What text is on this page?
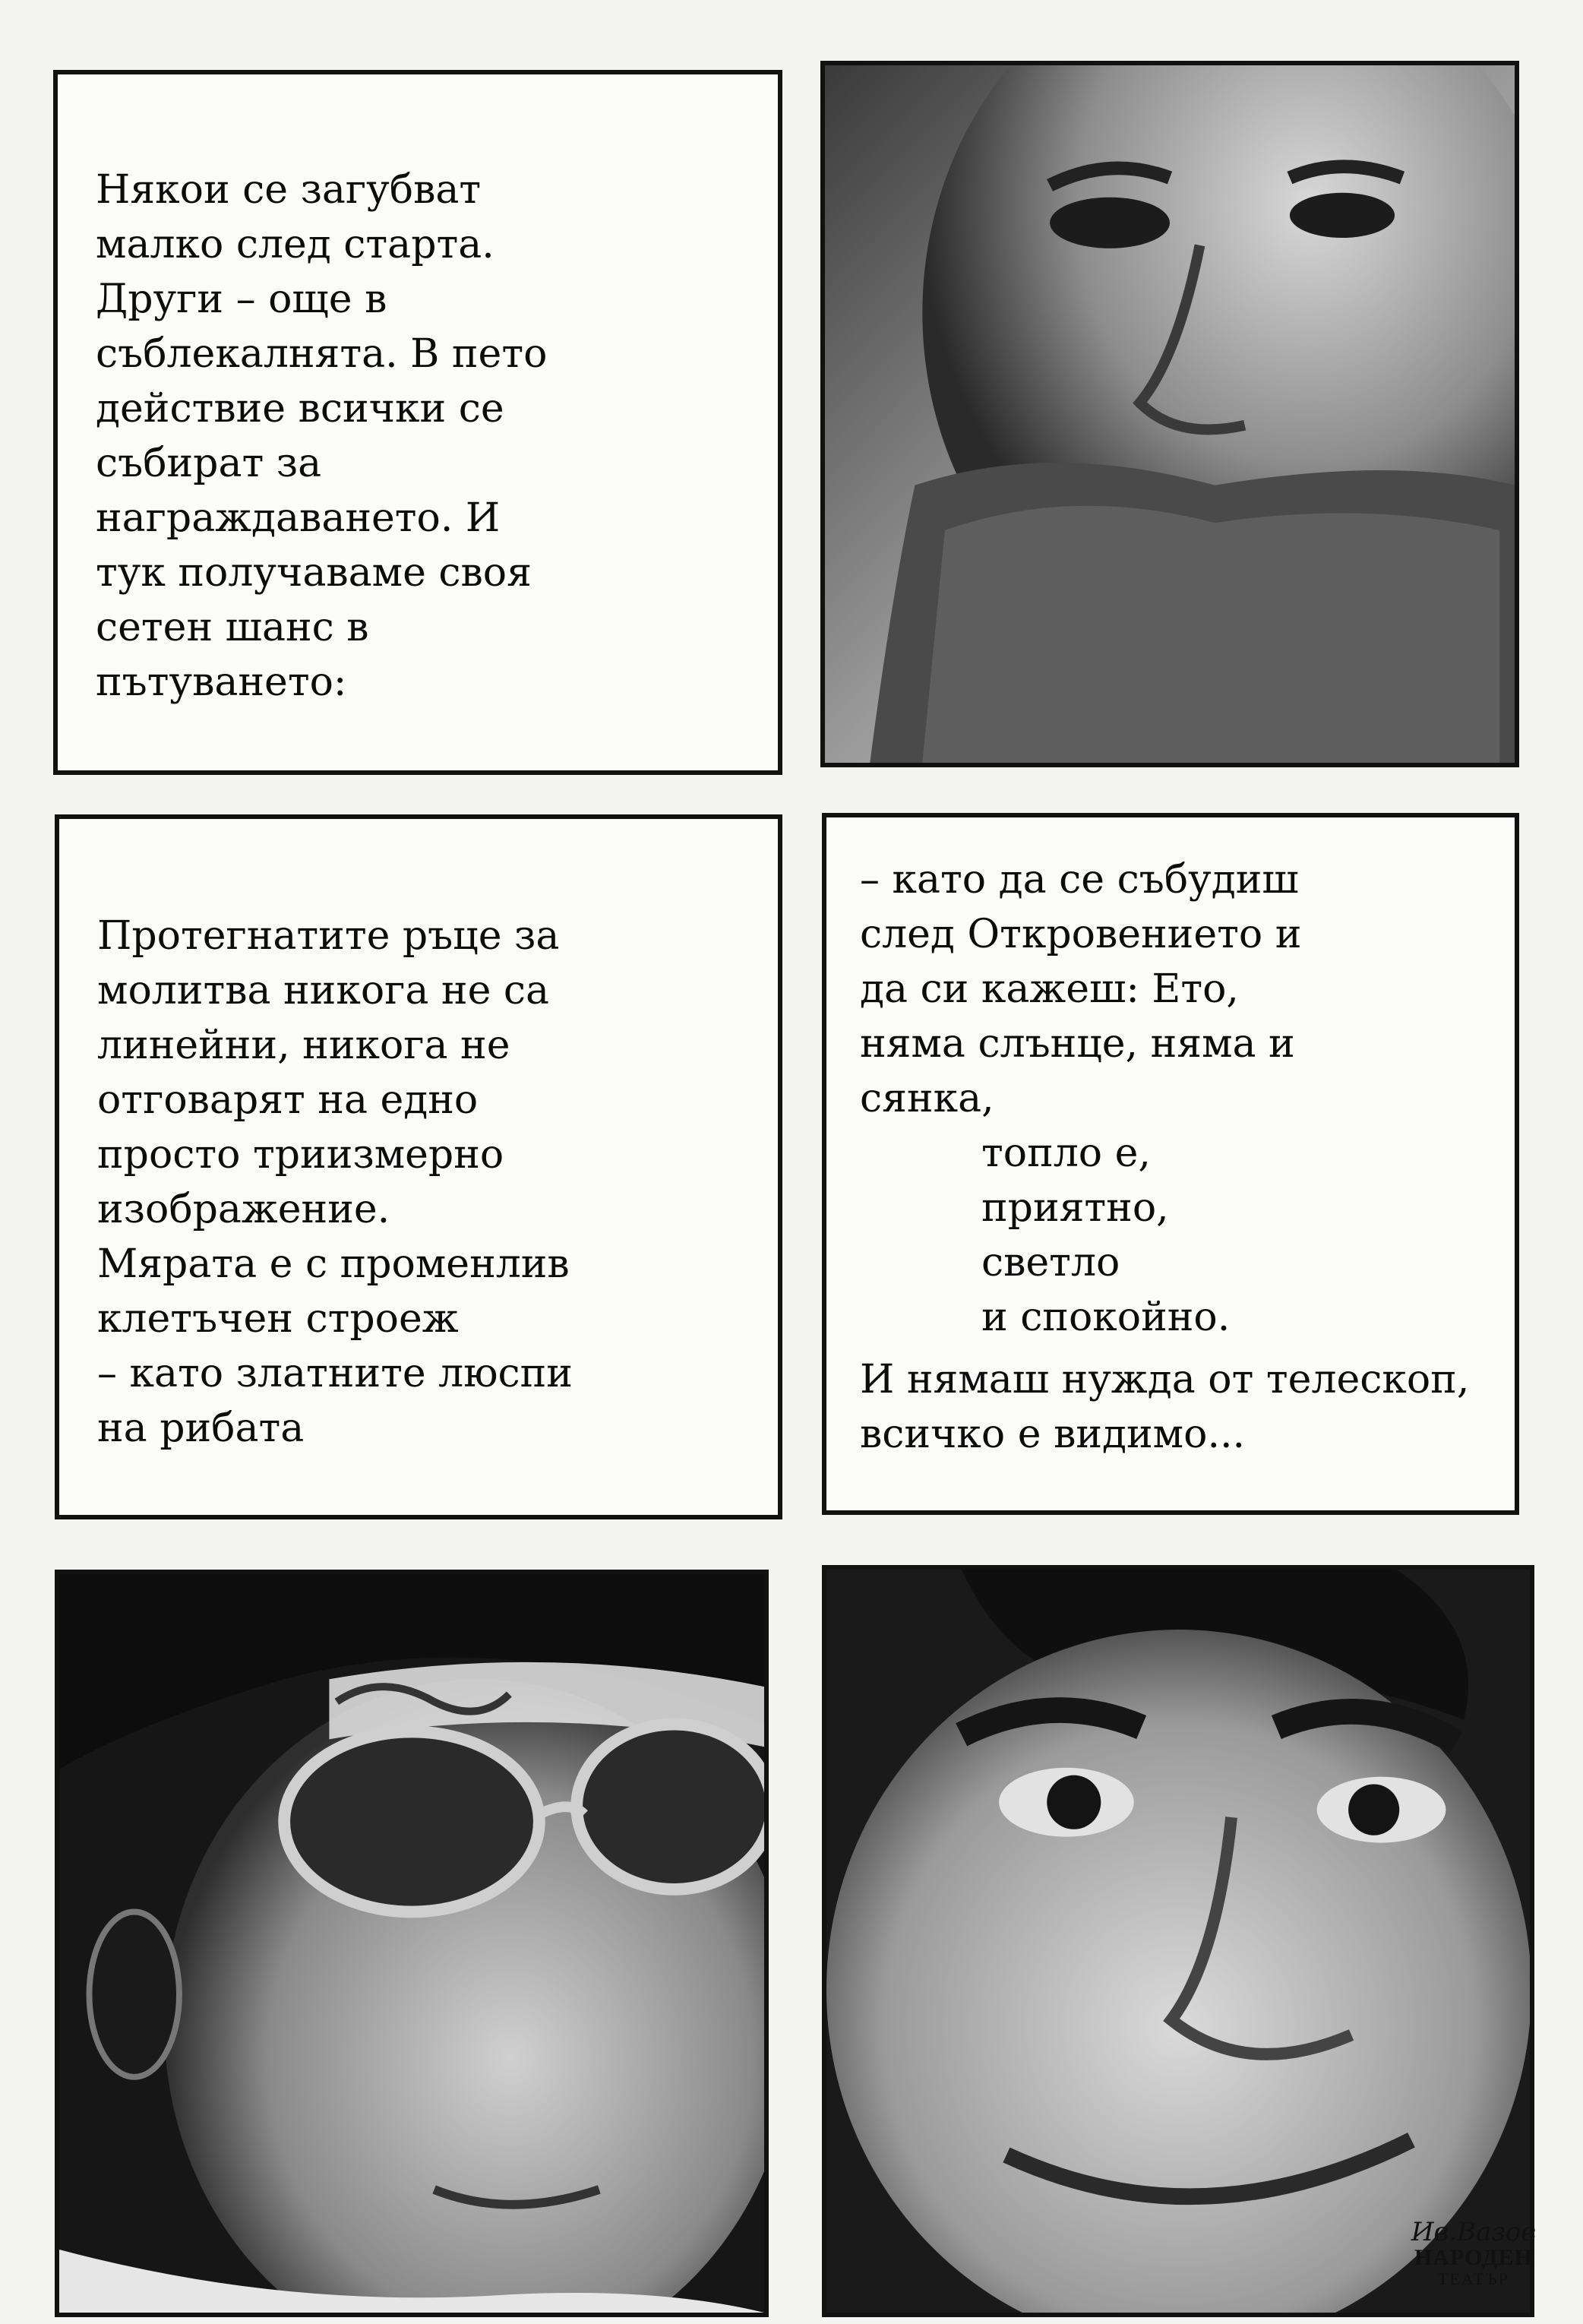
Някои се загубват
малко след старта.
Други – още в
съблекалнята. В пето
действие всички се
събират за
награждаването. И
тук получаваме своя
сетен шанс в
пътуването:

Протегнатите ръце за
молитва никога не са
линейни, никога не
отговарят на едно
просто триизмерно
изображение.
Мярата е с променлив
клетъчен строеж
– като златните люспи
на рибата

– като да се събудиш
след Откровението и
да си кажеш: Ето,
няма слънце, няма и
сянка,

топло е,

приятно,

светло

и спокойно.

И нямаш нужда от телескоп,
всичко е видимо...

Ив.Вазов
НАРОДЕН
ТЕАТЪР
